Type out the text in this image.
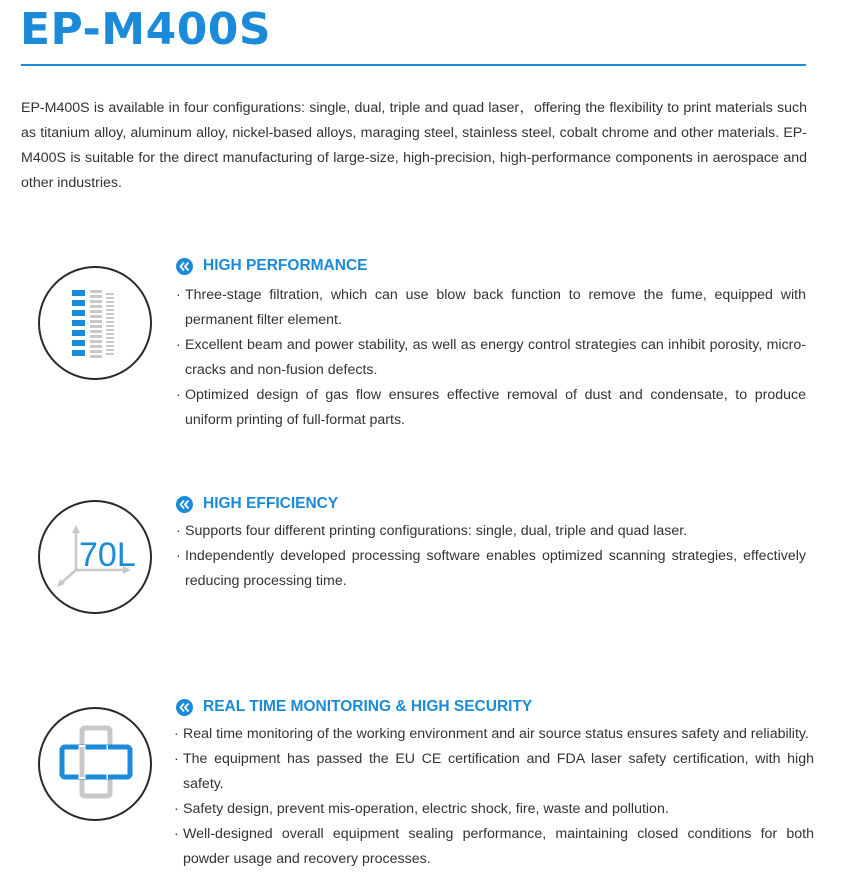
EP-M400S

EP-M400S is available in four configurations: single, dual, triple and quad laser，offering the flexibility to print materials such as titanium alloy, aluminum alloy, nickel-based alloys, maraging steel, stainless steel, cobalt chrome and other materials. EP-M400S is suitable for the direct manufacturing of large-size, high-precision, high-performance components in aerospace and other industries.

HIGH PERFORMANCE
· Three-stage filtration, which can use blow back function to remove the fume, equipped with permanent filter element.
· Excellent beam and power stability, as well as energy control strategies can inhibit porosity, micro-cracks and non-fusion defects.
· Optimized design of gas flow ensures effective removal of dust and condensate, to produce uniform printing of full-format parts.
70L
HIGH EFFICIENCY
· Supports four different printing configurations: single, dual, triple and quad laser.
· Independently developed processing software enables optimized scanning strategies, effectively reducing processing time.
REAL TIME MONITORING & HIGH SECURITY
· Real time monitoring of the working environment and air source status ensures safety and reliability.
· The equipment has passed the EU CE certification and FDA laser safety certification, with high safety.
· Safety design, prevent mis-operation, electric shock, fire, waste and pollution.
· Well-designed overall equipment sealing performance, maintaining closed conditions for both powder usage and recovery processes.
